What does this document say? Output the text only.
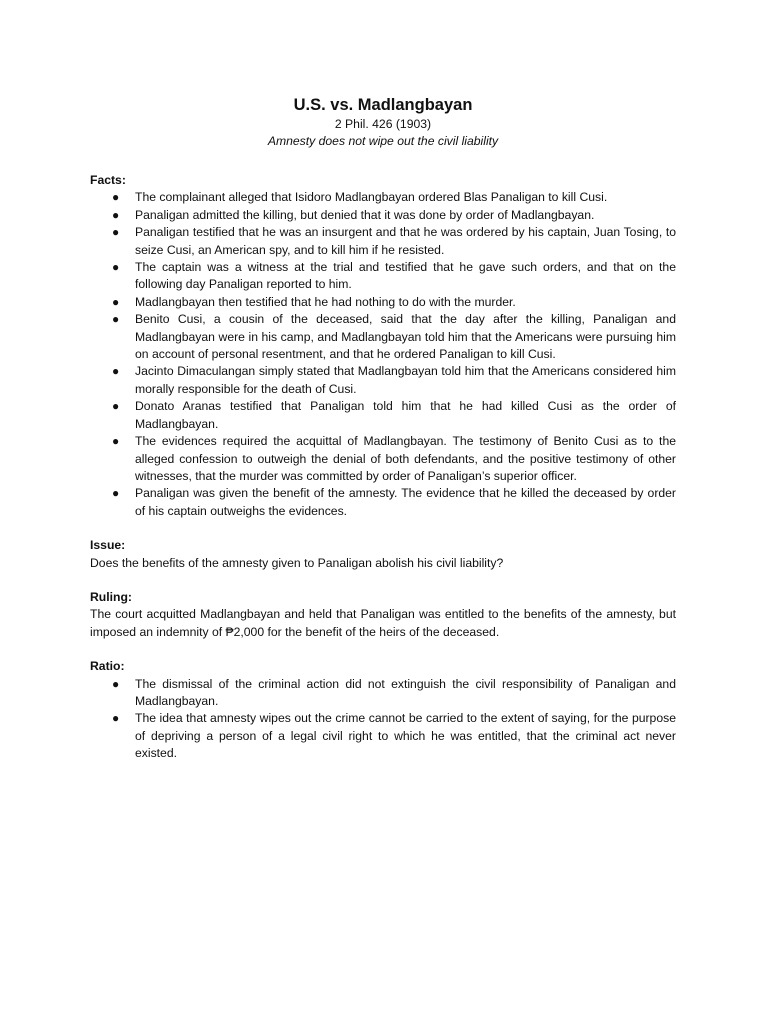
U.S. vs. Madlangbayan
2 Phil. 426 (1903)
Amnesty does not wipe out the civil liability
Facts:
● The complainant alleged that Isidoro Madlangbayan ordered Blas Panaligan to kill Cusi.
● Panaligan admitted the killing, but denied that it was done by order of Madlangbayan.
● Panaligan testified that he was an insurgent and that he was ordered by his captain, Juan Tosing, to seize Cusi, an American spy, and to kill him if he resisted.
● The captain was a witness at the trial and testified that he gave such orders, and that on the following day Panaligan reported to him.
● Madlangbayan then testified that he had nothing to do with the murder.
● Benito Cusi, a cousin of the deceased, said that the day after the killing, Panaligan and Madlangbayan were in his camp, and Madlangbayan told him that the Americans were pursuing him on account of personal resentment, and that he ordered Panaligan to kill Cusi.
● Jacinto Dimaculangan simply stated that Madlangbayan told him that the Americans considered him morally responsible for the death of Cusi.
● Donato Aranas testified that Panaligan told him that he had killed Cusi as the order of Madlangbayan.
● The evidences required the acquittal of Madlangbayan. The testimony of Benito Cusi as to the alleged confession to outweigh the denial of both defendants, and the positive testimony of other witnesses, that the murder was committed by order of Panaligan’s superior officer.
● Panaligan was given the benefit of the amnesty. The evidence that he killed the deceased by order of his captain outweighs the evidences.
Issue:
Does the benefits of the amnesty given to Panaligan abolish his civil liability?
Ruling:
The court acquitted Madlangbayan and held that Panaligan was entitled to the benefits of the amnesty, but imposed an indemnity of ₱2,000 for the benefit of the heirs of the deceased.
Ratio:
● The dismissal of the criminal action did not extinguish the civil responsibility of Panaligan and Madlangbayan.
● The idea that amnesty wipes out the crime cannot be carried to the extent of saying, for the purpose of depriving a person of a legal civil right to which he was entitled, that the criminal act never existed.
